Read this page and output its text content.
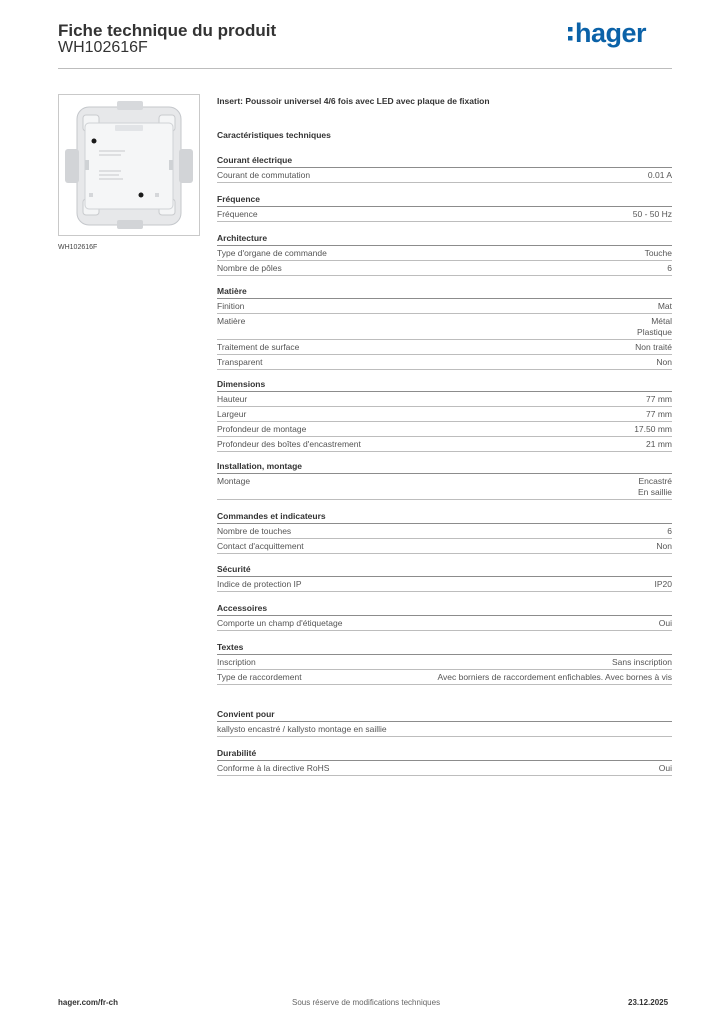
Fiche technique du produit
WH102616F	hager
WH102616F
Insert: Poussoir universel 4/6 fois avec LED avec plaque de fixation
Caractéristiques techniques
Courant électrique
Courant de commutation	0.01 A
Fréquence
Fréquence	50 - 50 Hz
Architecture
Type d'organe de commande	Touche
Nombre de pôles	6
Matière
Finition	Mat
Matière	Métal
Plastique
Traitement de surface	Non traité
Transparent	Non
Dimensions
Hauteur	77 mm
Largeur	77 mm
Profondeur de montage	17.50 mm
Profondeur des boîtes d'encastrement	21 mm
Installation, montage
Montage	Encastré
En saillie
Commandes et indicateurs
Nombre de touches	6
Contact d'acquittement	Non
Sécurité
Indice de protection IP	IP20
Accessoires
Comporte un champ d'étiquetage	Oui
Textes
Inscription	Sans inscription
Type de raccordement	Avec borniers de raccordement enfichables. Avec bornes à vis
Convient pour
kallysto encastré / kallysto montage en saillie
Durabilité
Conforme à la directive RoHS	Oui
hager.com/fr-ch	Sous réserve de modifications techniques	23.12.2025
